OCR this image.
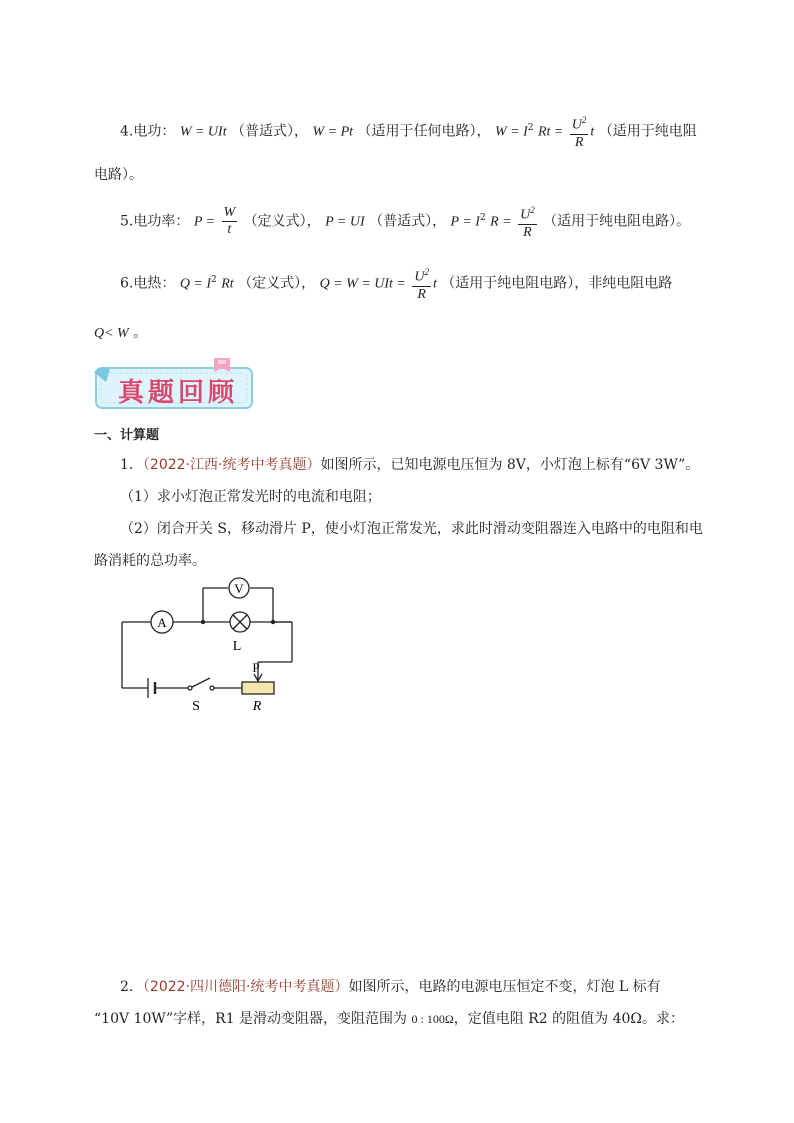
4.电功： W = UIt （普适式）， W = Pt （适用于任何电路）， $W = I^2$ $Rt = \frac{U^2}{R}$ t （适用于纯电阻
电路）。
5.电功率： $P = \frac{W}{t}$ （定义式）， P = UI （普适式）， $P = I^2$ $R = \frac{U^2}{R}$ （适用于纯电阻电路）。
6.电热： $Q = I^2$ Rt （定义式）， Q = W = UIt = $\frac{U^2}{R}$ t （适用于纯电阻电路），非纯电阻电路
Q< W 。
真题回顾
一、计算题
1．（2022·江西·统考中考真题）如图所示，已知电源电压恒为 8V，小灯泡上标有“6V 3W”。
（1）求小灯泡正常发光时的电流和电阻；
（2）闭合开关 S，移动滑片 P，使小灯泡正常发光，求此时滑动变阻器连入电路中的电阻和电
路消耗的总功率。
A
V
L
P
S	R
2．（2022·四川德阳·统考中考真题）如图所示，电路的电源电压恒定不变，灯泡 L 标有
“10V 10W”字样，R1 是滑动变阻器，变阻范围为 0 : 100Ω，定值电阻 R2 的阻值为 40Ω。求：
